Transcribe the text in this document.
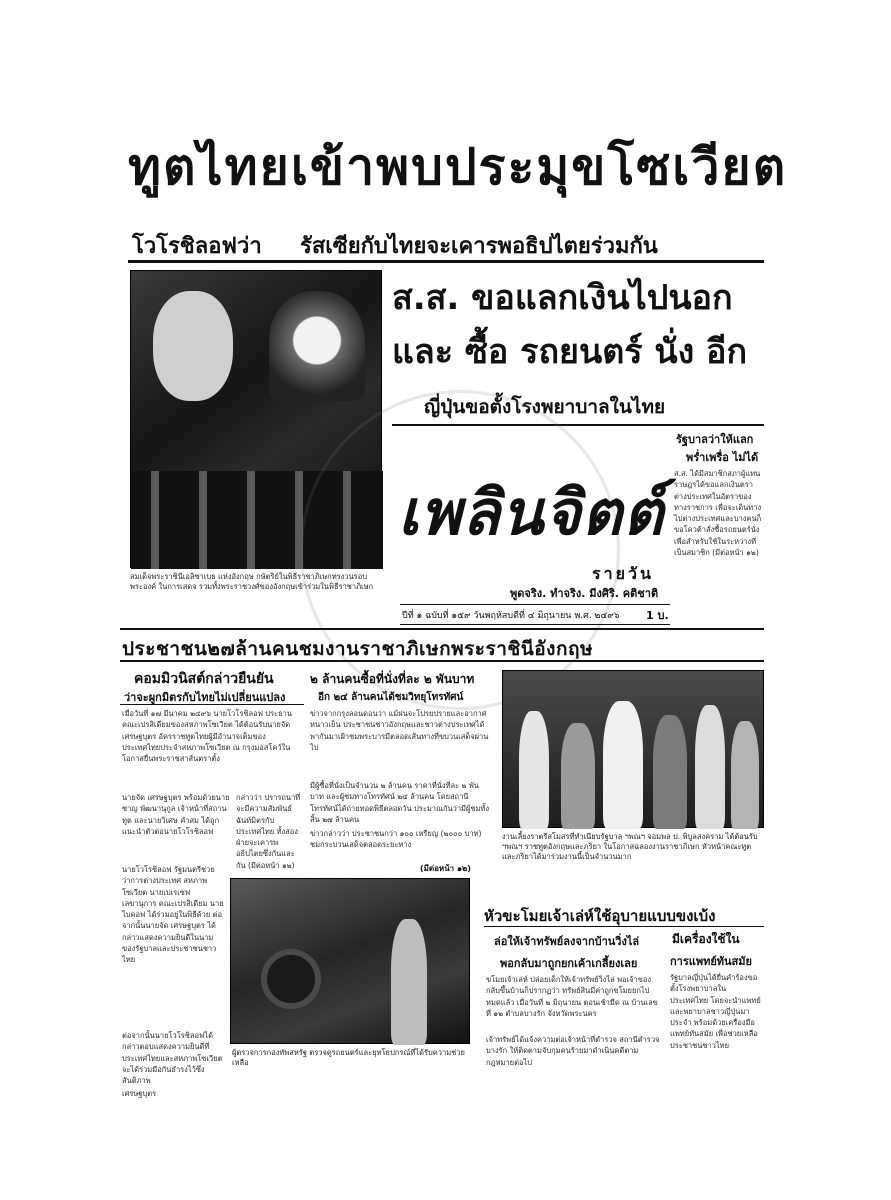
ทูตไทยเข้าพบประมุขโซเวียต
โวโรชิลอฟว่า รัสเซียกับไทยจะเคารพอธิปไตยร่วมกัน
สมเด็จพระราชินีเอลิซาเบธ แห่งอังกฤษ กษัตริย์ในพิธีราชาภิเษกทรงวนรอบพระองค์ ในการเสดจ รวมทั้งพระราชวงศ์ของอังกฤษเข้าร่วมในพิธีราชาภิเษก
ส.ส. ขอแลกเงินไปนอก
และ ซื้อ รถยนตร์ นั่ง อีก
ญี่ปุ่นขอตั้งโรงพยาบาลในไทย
รัฐบาลว่าให้แลก
พร่ำเพรื่อ ไม่ได้
ส.ส. ได้มีสมาชิกสภาผู้แทนราษฎรได้ขอแลกเงินตราต่างประเทศในอัตราของทางราชการ เพื่อจะเดินทางไปต่างประเทศและบางคนก็ขอโควต้าสั่งซื้อรถยนตร์นั่งเพื่อสำหรับใช้ในระหว่างที่เป็นสมาชิก (มีต่อหน้า ๑๒)
เพลินจิตต์
รายวัน
พูดจริง. ทำจริง. มีงศิริ. คติชาติ
ปีที่ ๑ ฉบับที่ ๑๕๙ วันพฤหัสบดีที่ ๔ มิถุนายน พ.ศ. ๒๔๙๖ 1 บ.
ประชาชน๒๗ล้านคนชมงานราชาภิเษกพระราชินีอังกฤษ
คอมมิวนิสต์กล่าวยืนยัน
ว่าจะผูกมิตรกับไทยไม่เปลี่ยนแปลง
เมื่อวันที่ ๑๗ มีนาคม ๒๔๙๖ นายโวโรชิลอฟ ประธานคณะเปรสิเดียมของสหภาพโซเวียต ได้ต้อนรับนายจัด เศรษฐบุตร อัครราชทูตไทยผู้มีอำนาจเต็มของประเทศไทยประจำสหภาพโซเวียต ณ กรุงมอสโคว์ในโอกาสยื่นพระราชสาส์นตราตั้ง
นายจัด เศรษฐบุตร พร้อมด้วยนายชาญ พัฒนานุกูล เจ้าหน้าที่สถานทูต และนายวิเศษ คำสม ได้ถูกแนะนำตัวต่อนายโวโรชิลอฟ
กล่าวว่า ปรารถนาที่จะมีความสัมพันธ์ฉันท์มิตรกับประเทศไทย ทั้งสองฝ่ายจะเคารพอธิปไตยซึ่งกันและกัน (มีต่อหน้า ๑๒)
นายโวโรชิลอฟ รัฐมนตรีช่วยว่าการต่างประเทศ สหภาพโซเวียต นายเปเรเซฟ เลขานุการ คณะเปรสิเดียม นายไบคอฟ ได้ร่วมอยู่ในพิธีด้วย ต่อจากนั้นนายจัด เศรษฐบุตร ได้กล่าวแสดงความยินดีในนามของรัฐบาลและประชาชนชาวไทย
ต่อจากนั้นนายโวโรชิลอฟได้กล่าวตอบแสดงความยินดีที่ประเทศไทยและสหภาพโซเวียตจะได้ร่วมมือกันธำรงไว้ซึ่งสันติภาพ
เศรษฐบุตร
๒ ล้านคนซื้อที่นั่งที่ละ ๒ พันบาท
อีก ๒๔ ล้านคนได้ชมวิทยุโทรทัศน์
ข่าวจากกรุงลอนดอนว่า แม้ฝนจะโปรยปรายและอากาศหนาวเย็น ประชาชนชาวอังกฤษและชาวต่างประเทศได้พากันมาเฝ้าชมพระบารมีตลอดเส้นทางที่ขบวนเสด็จผ่านไป
มีผู้ซื้อที่นั่งเป็นจำนวน ๒ ล้านคน ราคาที่นั่งที่ละ ๒ พันบาท และผู้ชมทางโทรทัศน์ ๒๔ ล้านคน โดยสถานีโทรทัศน์ได้ถ่ายทอดพิธีตลอดวัน ประมาณกันว่ามีผู้ชมทั้งสิ้น ๒๗ ล้านคน
ข่าวกล่าวว่า ประชาชนกว่า ๑๐๐ เหรียญ (๒๐๐๐ บาท) ชมกระบวนเสด็จตลอดระยะทาง
(มีต่อหน้า ๑๒)
งานเลี้ยงราตรีสโมสรที่ทำเนียบรัฐบาล ฯพณฯ จอมพล ป. พิบูลสงคราม ได้ต้อนรับ ฯพณฯ ราชทูตอังกฤษและภริยา ในโอกาสฉลองงานราชาภิเษก หัวหน้าคณะทูตและภริยาได้มาร่วมงานนี้เป็นจำนวนมาก
หัวขะโมยเจ้าเล่ห์ใช้อุบายแบบขงเบ้ง
ล่อให้เจ้าทรัพย์ลงจากบ้านวิ่งไล่
พอกลับมาถูกยกเค้าเกลี้ยงเลย
ขโมยเจ้าเล่ห์ ปล่อยเด็กให้เจ้าทรัพย์วิ่งไล่ พอเจ้าของกลับขึ้นบ้านก็ปรากฏว่า ทรัพย์สินมีค่าถูกขโมยยกไปหมดแล้ว เมื่อวันที่ ๒ มิถุนายน ตอนเช้ามืด ณ บ้านเลขที่ ๑๒ ตำบลบางรัก จังหวัดพระนคร
เจ้าทรัพย์ได้แจ้งความต่อเจ้าหน้าที่ตำรวจ สถานีตำรวจบางรัก ให้ติดตามจับกุมคนร้ายมาดำเนินคดีตามกฎหมายต่อไป
มีเครื่องใช้ใน
การแพทย์ทันสมัย
รัฐบาลญี่ปุ่นได้ยื่นคำร้องขอตั้งโรงพยาบาลในประเทศไทย โดยจะนำแพทย์และพยาบาลชาวญี่ปุ่นมาประจำ พร้อมด้วยเครื่องมือแพทย์ทันสมัย เพื่อช่วยเหลือประชาชนชาวไทย
ผู้ตรวจการกองทัพสหรัฐ ตรวจดูรถยนตร์และยุทโธปกรณ์ที่ได้รับความช่วยเหลือ
